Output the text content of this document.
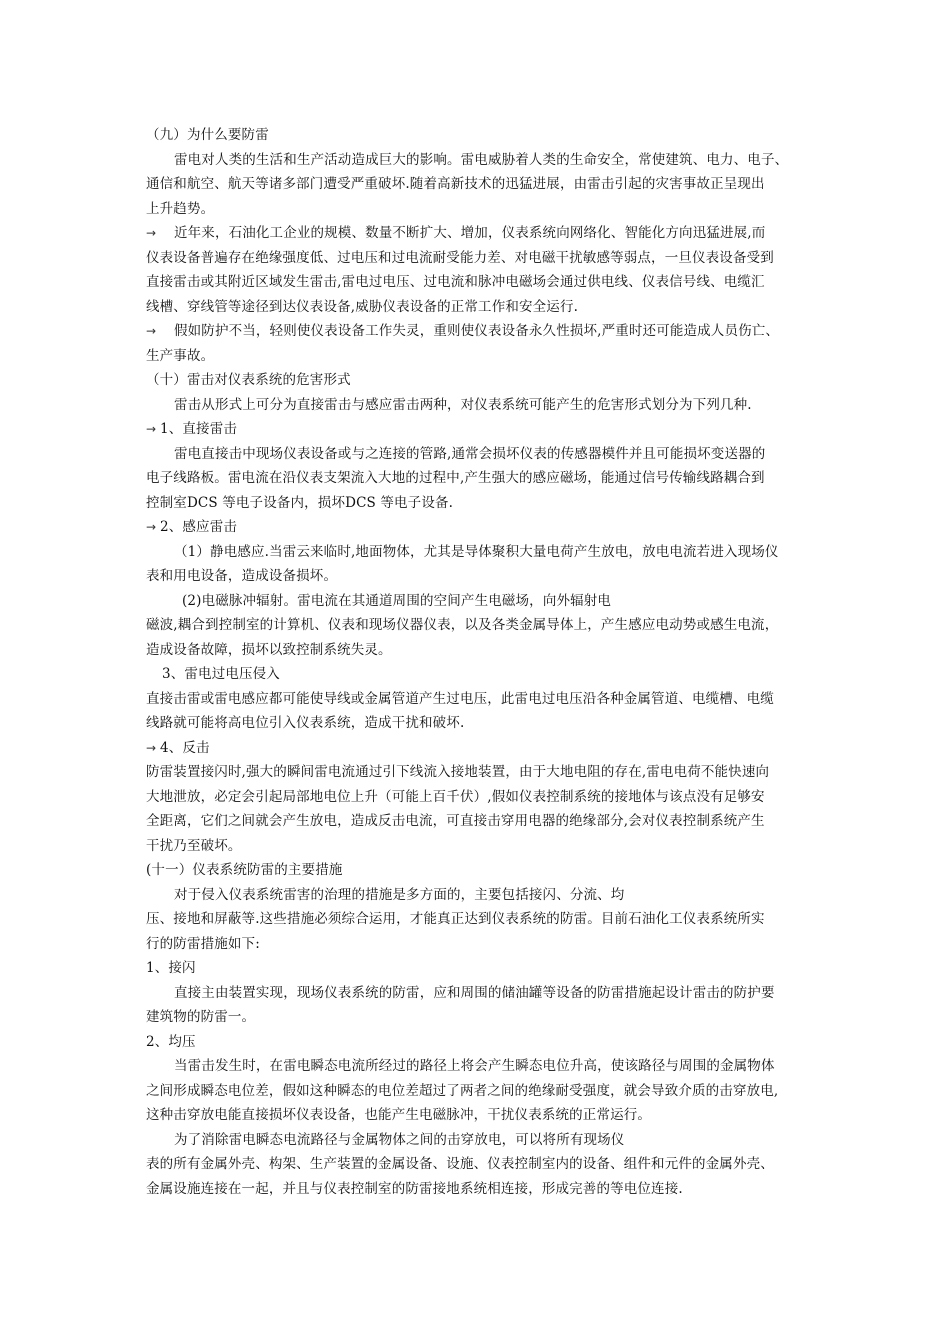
（九）为什么要防雷
雷电对人类的生活和生产活动造成巨大的影响。雷电威胁着人类的生命安全，常使建筑、电力、电子、
通信和航空、航天等诸多部门遭受严重破坏.随着高新技术的迅猛进展，由雷击引起的灾害事故正呈现出
上升趋势。
→ 近年来，石油化工企业的规模、数量不断扩大、增加，仪表系统向网络化、智能化方向迅猛进展,而
仪表设备普遍存在绝缘强度低、过电压和过电流耐受能力差、对电磁干扰敏感等弱点，一旦仪表设备受到
直接雷击或其附近区域发生雷击,雷电过电压、过电流和脉冲电磁场会通过供电线、仪表信号线、电缆汇
线槽、穿线管等途径到达仪表设备,威胁仪表设备的正常工作和安全运行.
→ 假如防护不当，轻则使仪表设备工作失灵，重则使仪表设备永久性损坏,严重时还可能造成人员伤亡、
生产事故。
（十）雷击对仪表系统的危害形式
雷击从形式上可分为直接雷击与感应雷击两种，对仪表系统可能产生的危害形式划分为下列几种.
→ 1、直接雷击
雷电直接击中现场仪表设备或与之连接的管路,通常会损坏仪表的传感器模件并且可能损坏变送器的
电子线路板。雷电流在沿仪表支架流入大地的过程中,产生强大的感应磁场，能通过信号传输线路耦合到
控制室DCS 等电子设备内，损坏DCS 等电子设备.
→ 2、感应雷击
（1）静电感应.当雷云来临时,地面物体，尤其是导体聚积大量电荷产生放电，放电电流若进入现场仪
表和用电设备，造成设备损坏。
(2)电磁脉冲辐射。雷电流在其通道周围的空间产生电磁场，向外辐射电
磁波,耦合到控制室的计算机、仪表和现场仪器仪表，以及各类金属导体上，产生感应电动势或感生电流，
造成设备故障，损坏以致控制系统失灵。
3、雷电过电压侵入
直接击雷或雷电感应都可能使导线或金属管道产生过电压，此雷电过电压沿各种金属管道、电缆槽、电缆
线路就可能将高电位引入仪表系统，造成干扰和破坏.
→ 4、反击
防雷装置接闪时,强大的瞬间雷电流通过引下线流入接地装置，由于大地电阻的存在,雷电电荷不能快速向
大地泄放，必定会引起局部地电位上升（可能上百千伏）,假如仪表控制系统的接地体与该点没有足够安
全距离，它们之间就会产生放电，造成反击电流，可直接击穿用电器的绝缘部分,会对仪表控制系统产生
干扰乃至破坏。
(十一）仪表系统防雷的主要措施
对于侵入仪表系统雷害的治理的措施是多方面的，主要包括接闪、分流、均
压、接地和屏蔽等.这些措施必须综合运用，才能真正达到仪表系统的防雷。目前石油化工仪表系统所实
行的防雷措施如下:
1、接闪
直接主由装置实现，现场仪表系统的防雷，应和周围的储油罐等设备的防雷措施起设计雷击的防护要
建筑物的防雷一。
2、均压
当雷击发生时，在雷电瞬态电流所经过的路径上将会产生瞬态电位升高，使该路径与周围的金属物体
之间形成瞬态电位差，假如这种瞬态的电位差超过了两者之间的绝缘耐受强度，就会导致介质的击穿放电,
这种击穿放电能直接损坏仪表设备，也能产生电磁脉冲，干扰仪表系统的正常运行。
为了消除雷电瞬态电流路径与金属物体之间的击穿放电，可以将所有现场仪
表的所有金属外壳、构架、生产装置的金属设备、设施、仪表控制室内的设备、组件和元件的金属外壳、
金属设施连接在一起，并且与仪表控制室的防雷接地系统相连接，形成完善的等电位连接.
